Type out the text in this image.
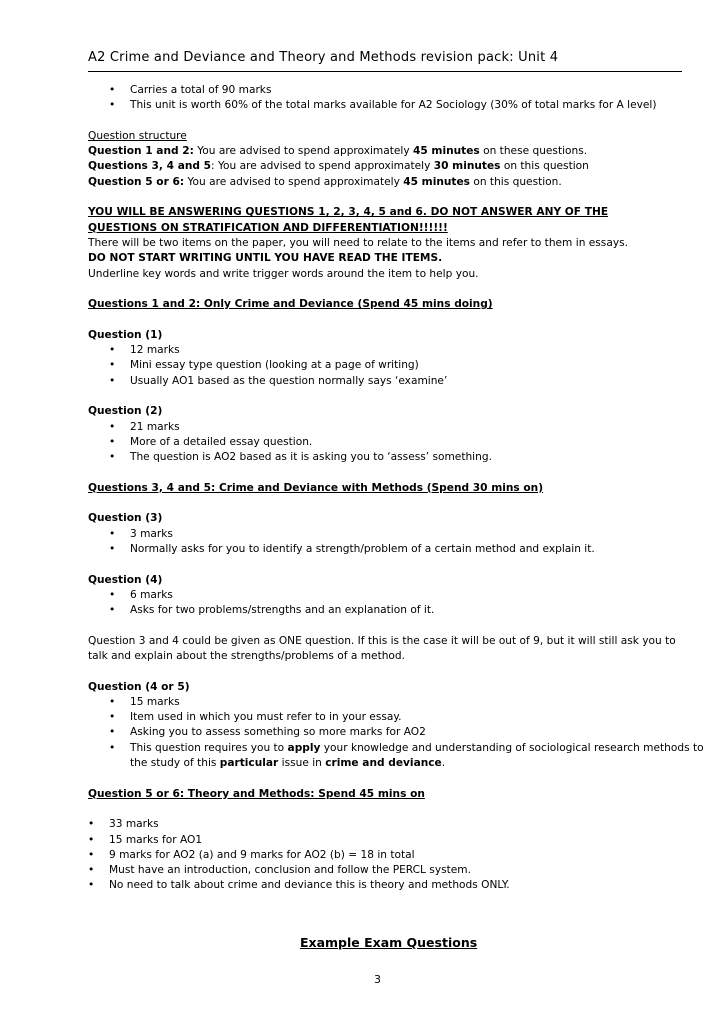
A2 Crime and Deviance and Theory and Methods revision pack: Unit 4
• Carries a total of 90 marks
• This unit is worth 60% of the total marks available for A2 Sociology (30% of total marks for A level)
Question structure
Question 1 and 2: You are advised to spend approximately 45 minutes on these questions.
Questions 3, 4 and 5: You are advised to spend approximately 30 minutes on this question
Question 5 or 6: You are advised to spend approximately 45 minutes on this question.
YOU WILL BE ANSWERING QUESTIONS 1, 2, 3, 4, 5 and 6. DO NOT ANSWER ANY OF THE
QUESTIONS ON STRATIFICATION AND DIFFERENTIATION!!!!!!
There will be two items on the paper, you will need to relate to the items and refer to them in essays.
DO NOT START WRITING UNTIL YOU HAVE READ THE ITEMS.
Underline key words and write trigger words around the item to help you.
Questions 1 and 2: Only Crime and Deviance (Spend 45 mins doing)
Question (1)
• 12 marks
• Mini essay type question (looking at a page of writing)
• Usually AO1 based as the question normally says ‘examine’
Question (2)
• 21 marks
• More of a detailed essay question.
• The question is AO2 based as it is asking you to ‘assess’ something.
Questions 3, 4 and 5: Crime and Deviance with Methods (Spend 30 mins on)
Question (3)
• 3 marks
• Normally asks for you to identify a strength/problem of a certain method and explain it.
Question (4)
• 6 marks
• Asks for two problems/strengths and an explanation of it.
Question 3 and 4 could be given as ONE question. If this is the case it will be out of 9, but it will still ask you to
talk and explain about the strengths/problems of a method.
Question (4 or 5)
• 15 marks
• Item used in which you must refer to in your essay.
• Asking you to assess something so more marks for AO2
• This question requires you to apply your knowledge and understanding of sociological research methods to
the study of this particular issue in crime and deviance.
Question 5 or 6: Theory and Methods: Spend 45 mins on
• 33 marks
• 15 marks for AO1
• 9 marks for AO2 (a) and 9 marks for AO2 (b) = 18 in total
• Must have an introduction, conclusion and follow the PERCL system.
• No need to talk about crime and deviance this is theory and methods ONLY.
Example Exam Questions
3
